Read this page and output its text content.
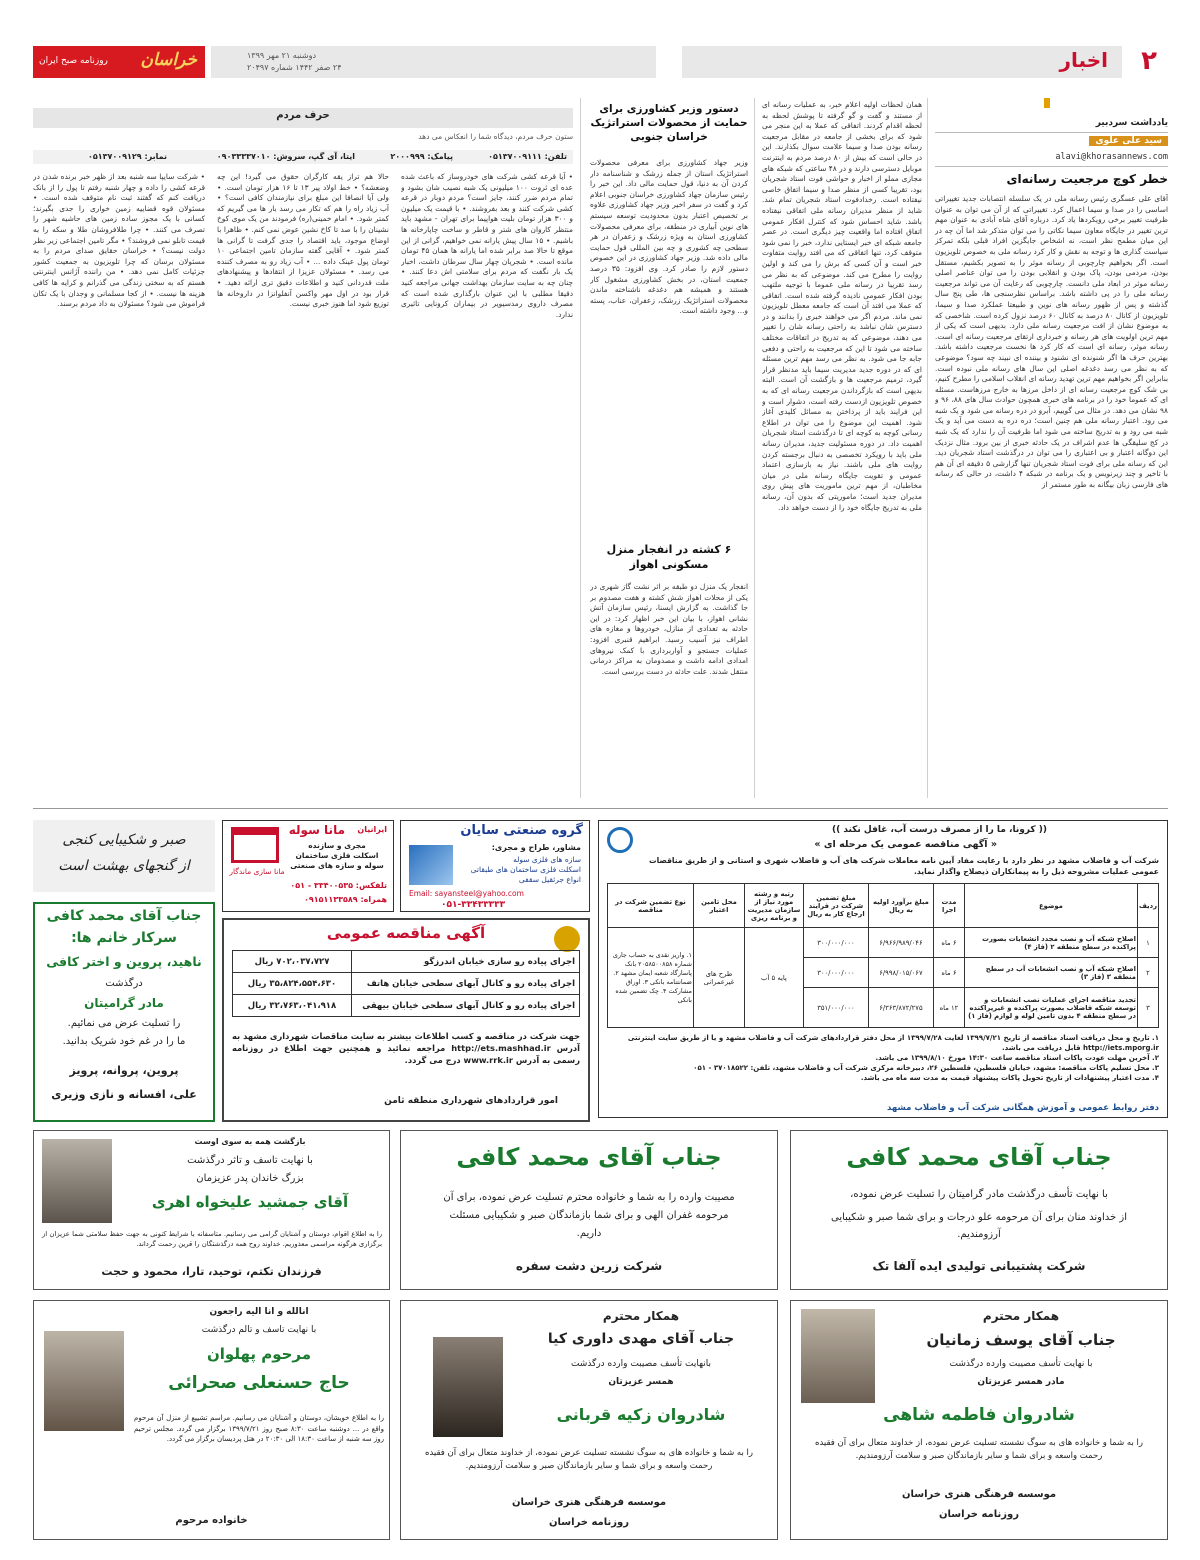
۲
اخبار
دوشنبه ۲۱ مهر ۱۳۹۹
۲۴ صفر ۱۴۴۲ شماره ۲۰۴۹۷
روزنامه صبح ایران خراسان
یادداشت سردبیر
سید علی علوی
alavi@khorasannews.com
خطر کوچ مرجعیت رسانه‌ای
آقای علی عسگری رئیس رسانه ملی در یک سلسله انتصابات جدید تغییراتی اساسی را در صدا و سیما اعمال کرد. تغییراتی که از آن می توان به عنوان ظرفیت تغییر برخی رویکردها یاد کرد. درباره آقای شاه آبادی به عنوان مهم ترین تغییر در جایگاه معاون سیما نکاتی را می توان متذکر شد اما آن چه در این میان مطمح نظر است، نه اشخاص جایگزین افراد قبلی بلکه تمرکز سیاست گذاری ها و توجه به نقش و کار کرد رسانه ملی به خصوص تلویزیون است. اگر بخواهیم چارچوبی از رسانه موثر را به تصویر بکشیم، مستقل بودن، مردمی بودن، پاک بودن و انقلابی بودن را می توان عناصر اصلی رسانه موثر در ابعاد ملی دانست. چارچوبی که رعایت آن می تواند مرجعیت رسانه ملی را در پی داشته باشد. براساس نظرسنجی ها، طی پنج سال گذشته و پس از ظهور رسانه های نوین و طبیعتا عملکرد صدا و سیما، تلویزیون از کانال ۸۰ درصد به کانال ۶۰ درصد نزول کرده است. شاخصی که به موضوع نشان از افت مرجعیت رسانه ملی دارد. بدیهی است که یکی از مهم ترین اولویت های هر رسانه و خبرداری ارتقای مرجعیت رسانه ای است. رسانه موثر، رسانه ای است که کار کرد ها نخست مرجعیت داشته باشد. بهترین حرف ها اگر شنونده ای نشنود و بیننده ای نبیند چه سود؟ موضوعی که به نظر می رسد دغدغه اصلی این سال های رسانه ملی نبوده است. بنابراین اگر بخواهیم مهم ترین تهدید رسانه ای انقلاب اسلامی را مطرح کنیم، بی شک کوچ مرجعیت رسانه ای از داخل مرزها به خارج مرزهاست. مسئله ای که عموما خود را در برنامه های خبری همچون حوادث سال های ۸۸، ۹۶ و ۹۸ نشان می دهد. در مثال می گوییم، آبرو در دره رسانه می شود و یک شبه می رود. اعتبار رسانه ملی هم چنین است؛ دره دره به دست می آید و یک شبه می رود و به تدریج ساخته می شود اما ظرفیت آن را ندارد که یک شبه در کج سلیقگی ها عدم اشراف در یک حادثه خبری از بین برود. مثال نزدیک این دوگانه اعتبار و بی اعتباری را می توان در درگذشت استاد شجریان دید. این که رسانه ملی برای فوت استاد شجریان تنها گزارشی ۵ دقیقه ای آن هم با تاخیر و چند زیرنویس و یک برنامه در شبکه ۴ داشت، در حالی که رسانه های فارسی زبان بیگانه به طور مستمر از
همان لحظات اولیه اعلام خبر، به عملیات رسانه ای از مستند و گفت و گو گرفته تا پوشش لحظه به لحظه اقدام کردند. اتفاقی که عملا به این منجر می شود که برای بخشی از جامعه در مقابل مرجعیت رسانه بودن صدا و سیما علامت سوال بکذارند. این در حالی است که بیش از ۸۰ درصد مردم به اینترنت موبایل دسترسی دارند و در ۴۸ ساعتی که شبکه های مجازی مملو از اخبار و حواشی فوت استاد شجریان بود، تقریبا کسی از منظر صدا و سیما اتفاق خاصی نیفتاده است. رخدادفوت استاد شجریان تمام شد. شاید از منظر مدیران رسانه ملی اتفاقی نیفتاده باشد. شاید احساس شود که کنترل افکار عمومی اتفاق افتاده اما واقعیت چیز دیگری است. در عصر جامعه شبکه ای خبر ایستایی ندارد، خبر را نمی شود متوقف کرد، تنها اتفاقی که می افتد روایت متفاوت خبر است و آن کسی که برش را می کند و اولین روایت را مطرح می کند. موضوعی که به نظر می رسد تقریبا در رسانه ملی عموما با توجیه ملتهب بودن افکار عمومی نادیده گرفته شده است. اتفاقی که عملا می افتد آن است که جامعه معطل تلویزیون نمی ماند. مردم اگر می خواهند خبری را بدانند و در دسترس شان نباشد به راحتی رسانه شان را تغییر می دهند، موضوعی که به تدریج در اتفاقات مختلف ساخته می شود تا این که مرجعیت به راحتی و دفعی جابه جا می شود. به نظر می رسد مهم ترین مسئله ای که در دوره جدید مدیریت سیما باید مدنظر قرار گیرد، ترمیم مرجعیت ها و بازگشت آن است. البته بدیهی است که بازگرداندن مرجعیت رسانه ای که به خصوص تلویزیون ازدست رفته است، دشوار است و این فرایند باید از پرداختن به مسائل کلیدی آغاز شود. اهمیت این موضوع را می توان در اطلاع رسانی کوچه به کوچه ای تا درگذشت استاد شجریان اهمیت داد. در دوره مسئولیت جدید، مدیران رسانه ملی باید با رویکرد تخصصی به دنبال برجسته کردن روایت های ملی باشند. نیاز به بازسازی اعتماد عمومی و تقویت جایگاه رسانه ملی در میان مخاطبان، از مهم ترین ماموریت های پیش روی مدیران جدید است؛ ماموریتی که بدون آن، رسانه ملی به تدریج جایگاه خود را از دست خواهد داد.
دستور وزیر کشاورزی برای حمایت از محصولات استراتژیک خراسان جنوبی
وزیر جهاد کشاورزی برای معرفی محصولات استراتژیک استان از جمله زرشک و شناسنامه دار کردن آن به دنیا، قول حمایت مالی داد. این خبر را رئیس سازمان جهاد کشاورزی خراسان جنوبی اعلام کرد و گفت در سفر اخیر وزیر جهاد کشاورزی علاوه بر تخصیص اعتبار بدون محدودیت توسعه سیستم های نوین آبیاری در منطقه، برای معرفی محصولات کشاورزی استان به ویژه زرشک و زعفران در هر سطحی چه کشوری و چه بین المللی قول حمایت مالی داده شد. وزیر جهاد کشاورزی در این خصوص دستور لازم را صادر کرد. وی افزود: ۳۵ درصد جمعیت استان، در بخش کشاورزی مشغول کار هستند و همیشه هم دغدغه ناشناخته ماندن محصولات استراتژیک زرشک، زعفران، عناب، پسته و... وجود داشته است.
۶ کشته در انفجار منزل مسکونی اهواز
انفجار یک منزل دو طبقه بر اثر نشت گاز شهری در یکی از محلات اهواز شش کشته و هفت مصدوم بر جا گذاشت. به گزارش ایسنا، رئیس سازمان آتش نشانی اهواز، با بیان این خبر اظهار کرد: در این حادثه به تعدادی از منازل، خودروها و مغازه های اطراف نیز آسیب رسید. ابراهیم قنبری افزود: عملیات جستجو و آواربرداری با کمک نیروهای امدادی ادامه داشت و مصدومان به مراکز درمانی منتقل شدند. علت حادثه در دست بررسی است.
حرف مردم
ستون حرف مردم، دیدگاه شما را انعکاس می دهد
تلفن: ۰۵۱۳۷۰۰۹۱۱۱
پیامک: ۲۰۰۰۹۹۹
ایتا، آی گپ، سروش: ۰۹۰۳۳۳۳۷۰۱۰
نمابر: ۰۵۱۳۷۰۰۹۱۲۹
• آیا قرعه کشی شرکت های خودروساز که باعث شده عده ای ثروت ۱۰۰ میلیونی یک شبه نصیب شان بشود و تمام مردم ضرر کنند، جایز است؟ مردم دوبار در قرعه کشی شرکت کنند و بعد بفروشند. • با قیمت یک میلیون و ۳۰۰ هزار تومان بلیت هواپیما برای تهران - مشهد باید منتظر کاروان های شتر و قاطر و ساخت چاپارخانه ها باشیم. • ۱۵ سال پیش یارانه نمی خواهیم، گرانی از این موقع تا حالا صد برابر شده اما یارانه ها همان ۴۵ تومان مانده است. • شجریان چهار سال سرطان داشت، اخبار یک بار نگفت که مردم برای سلامتی اش دعا کنند. • چنان چه به سایت سازمان بهداشت جهانی مراجعه کنید دقیقا مطلبی با این عنوان بارگذاری شده است که مصرف داروی رمدسیویر در بیماران کرونایی تاثیری ندارد.
حالا هم تراز یقه کارگران حقوق می گیرد! این چه وضعشه؟ • خط اولاد پیر ۱۳ تا ۱۶ هزار تومان است. • ولی آیا انصافا این مبلغ برای نیازمندان کافی است؟ • آب زیاد راه را هم که تکار می رسد بار ها می گیریم که کمتر شود. • امام خمینی(ره) فرمودند من یک موی کوخ نشینان را با صد تا کاخ نشین عوض نمی کنم. • ظاهرا با اوضاع موجود، باید اقتصاد را جدی گرفت تا گرانی ها کمتر شود. • آقایی گفته سازمان تامین اجتماعی ۱۰ تومان پول عینک داده ... • آب زیاد رو به مصرف کننده می رسد. • مسئولان عزیزا از انتقادها و پیشنهادهای ملت قدردانی کنید و اطلاعات دقیق تری ارائه دهید. • قرار بود در اول مهر واکسن آنفلوانزا در داروخانه ها توزیع شود اما هنوز خبری نیست.
• شرکت سایپا سه شنبه بعد از ظهر خبر برنده شدن در قرعه کشی را داده و چهار شنبه رفتم تا پول را از بانک دریافت کنم که گفتند ثبت نام متوقف شده است. • مسئولان قوه قضاییه زمین خواری را جدی بگیرند؛ کسانی با یک مجوز ساده زمین های حاشیه شهر را تصرف می کنند. • چرا طلافروشان طلا و سکه را به قیمت تابلو نمی فروشند؟ • مگر تامین اجتماعی زیر نظر دولت نیست؟ • خراسان حقایق صدای مردم را به مسئولان برسان که چرا تلویزیون به جمعیت کشور جزئیات کامل نمی دهد. • من راننده آژانس اینترنتی هستم که به سختی زندگی می گذرانم و کرایه ها کافی هزینه ها نیست. • از کجا مسلمانی و وجدان با یک تکان فراموش می شود؟ مسئولان به داد مردم برسند.
(( کرونا، ما را از مصرف درست آب، غافل نکند ))
« آگهی مناقصه عمومی یک مرحله ای »
شرکت آب و فاضلاب مشهد در نظر دارد با رعایت مفاد آیین نامه معاملات شرکت های آب و فاضلاب شهری و استانی و از طریق مناقصات عمومی عملیات مشروحه ذیل را به پیمانکاران ذیصلاح واگذار نماید.
ردیف	موضوع	مدت اجرا	مبلغ برآورد اولیه به ریال	مبلغ تضمین شرکت در فرایند ارجاع کار به ریال	رتبه و رشته مورد نیاز از سازمان مدیریت و برنامه ریزی	محل تامین اعتبار	نوع تضمین شرکت در مناقصه
۱	اصلاح شبکه آب و نصب مجدد انشعابات بصورت پراکنده در سطح منطقه ۲ (فاز ۴)	۶ ماه	۶/۹۶۶/۹۸۹/۰۴۶	۳۰۰/۰۰۰/۰۰۰	پایه ۵ آب	طرح های غیرعمرانی	۱. واریز نقدی به حساب جاری شماره ۲۰۵۸۵۰۰۸۵۸ بانک پاسارگاد شعبه ایمان مشهد ۲. ضمانتنامه بانکی ۳. اوراق مشارکت ۴. چک تضمین شده بانکی
۲	اصلاح شبکه آب و نصب انشعابات آب در سطح منطقه ۳ (فاز ۳)	۶ ماه	۶/۹۹۸/۰۱۵/۰۶۷	۳۰۰/۰۰۰/۰۰۰			
۳	تجدید مناقصه اجرای عملیات نصب انشعابات و توسعه شبکه فاضلاب بصورت پراکنده و غیرپراکنده در سطح منطقه ۴ بدون تامین لوله و لوازم (فاز ۱)	۱۲ ماه	۶/۳۶۳/۸۷۲/۲۷۵	۳۵۱/۰۰۰/۰۰۰			
۱. تاریخ و محل دریافت اسناد مناقصه از تاریخ ۱۳۹۹/۷/۲۱ لغایت ۱۳۹۹/۷/۲۸ از محل دفتر قراردادهای شرکت آب و فاضلاب مشهد و یا از طریق سایت اینترنتی http://iets.mporg.ir قابل دریافت می باشد.
۲. آخرین مهلت عودت پاکات اسناد مناقصه ساعت ۱۴:۳۰ مورخ ۱۳۹۹/۸/۱۰ می باشد.
۳. محل تسلیم پاکات مناقصه: مشهد، خیابان فلسطین، فلسطین ۲۶، دبیرخانه مرکزی شرکت آب و فاضلاب مشهد، تلفن: ۳۷۰۱۸۵۲۲ - ۰۵۱
۴. مدت اعتبار پیشنهادات از تاریخ تحویل پاکات پیشنهاد قیمت به مدت سه ماه می باشد.
دفتر روابط عمومی و آموزش همگانی شرکت آب و فاضلاب مشهد
گروه صنعتی سایان
مشاور، طراح و مجری:
سازه های فلزی سوله
اسکلت فلزی ساختمان های طبقاتی
انواع جرثقیل سقفی
Email: sayansteel@yahoo.com
۰۵۱-۳۳۴۳۳۳۳۳
مانا سوله ایرانیان
مجری و سازنده
اسکلت فلزی ساختمان
سوله و سازه های صنعتی
مانا سازی ماندگار
تلفکس: ۳۳۴۰۰۵۳۵ - ۰۵۱
همراه: ۰۹۱۵۱۱۳۳۵۸۹
صبر و شکیبایی کنجی
از گنجهای بهشت است
جناب آقای محمد کافی
سرکار خانم ها:
ناهید، پروین و اختر کافی
درگذشت
مادر گرامیتان
را تسلیت عرض می نمائیم.
ما را در غم خود شریک بدانید.
پروین، پروانه، پرویز
علی، افسانه و نازی وزیری
آگهی مناقصه عمومی
اجرای پیاده رو سازی خیابان اندرزگو	۷۰۲،۰۳۷،۷۲۷ ریال
اجرای پیاده رو و کانال آبهای سطحی خیابان هاتف	۳۵،۸۲۴،۵۵۴،۶۳۰ ریال
اجرای پیاده رو و کانال آبهای سطحی خیابان بیهقی	۳۲،۷۶۳،۰۴۱،۹۱۸ ریال
جهت شرکت در مناقصه و کسب اطلاعات بیشتر به سایت مناقصات شهرداری مشهد به آدرس http://ets.mashhad.ir مراجعه نمائید و همچنین جهت اطلاع در روزنامه رسمی به آدرس www.rrk.ir درج می گردد.
امور قراردادهای شهرداری منطقه ثامن
جناب آقای محمد کافی
با نهایت تأسف درگذشت مادر گرامیتان را تسلیت عرض نموده،
از خداوند منان برای آن مرحومه علو درجات و برای شما صبر و شکیبایی آرزومندیم.
شرکت پشتیبانی تولیدی ایده آلفا تک
جناب آقای محمد کافی
مصیبت وارده را به شما و خانواده محترم تسلیت عرض نموده، برای آن مرحومه غفران الهی و برای شما بازماندگان صبر و شکیبایی مسئلت داریم.
شرکت زرین دشت سفره
بازگشت همه به سوی اوست
با نهایت تاسف و تاثر درگذشت
بزرگ خاندان پدر عزیزمان
آقای جمشید علیخواه اهری
را به اطلاع اقوام، دوستان و آشنایان گرامی می رسانیم. متاسفانه با شرایط کنونی به جهت حفظ سلامتی شما عزیزان از برگزاری هرگونه مراسمی معذوریم. خداوند روح همه درگذشتگان را قرین رحمت گرداند.
فرزندان تکتم، توحید، تارا، محمود و حجت
همکار محترم
جناب آقای یوسف زمانیان
با نهایت تأسف مصیبت وارده درگذشت
مادر همسر عزیزتان
شادروان فاطمه شاهی
را به شما و خانواده های به سوگ نشسته تسلیت عرض نموده، از خداوند متعال برای آن فقیده رحمت واسعه و برای شما و سایر بازماندگان صبر و سلامت آرزومندیم.
موسسه فرهنگی هنری خراسان
روزنامه خراسان
همکار محترم
جناب آقای مهدی داوری کیا
بانهایت تأسف مصیبت وارده درگذشت
همسر عزیزتان
شادروان زکیه قربانی
را به شما و خانواده های به سوگ نشسته تسلیت عرض نموده، از خداوند متعال برای آن فقیده رحمت واسعه و برای شما و سایر بازماندگان صبر و سلامت آرزومندیم.
موسسه فرهنگی هنری خراسان
روزنامه خراسان
انالله و انا الیه راجعون
با نهایت تاسف و تالم درگذشت
مرحوم پهلوان
حاج حسنعلی صحرائی
را به اطلاع خویشان، دوستان و آشنایان می رسانیم. مراسم تشییع از منزل آن مرحوم واقع در ... دوشنبه ساعت ۸:۳۰ صبح روز ۱۳۹۹/۷/۲۱ برگزار می گردد. مجلس ترحیم روز سه شنبه از ساعت ۱۸:۳۰ الی ۲۰:۳۰ در هتل پردیسان برگزار می گردد.
خانواده مرحوم
